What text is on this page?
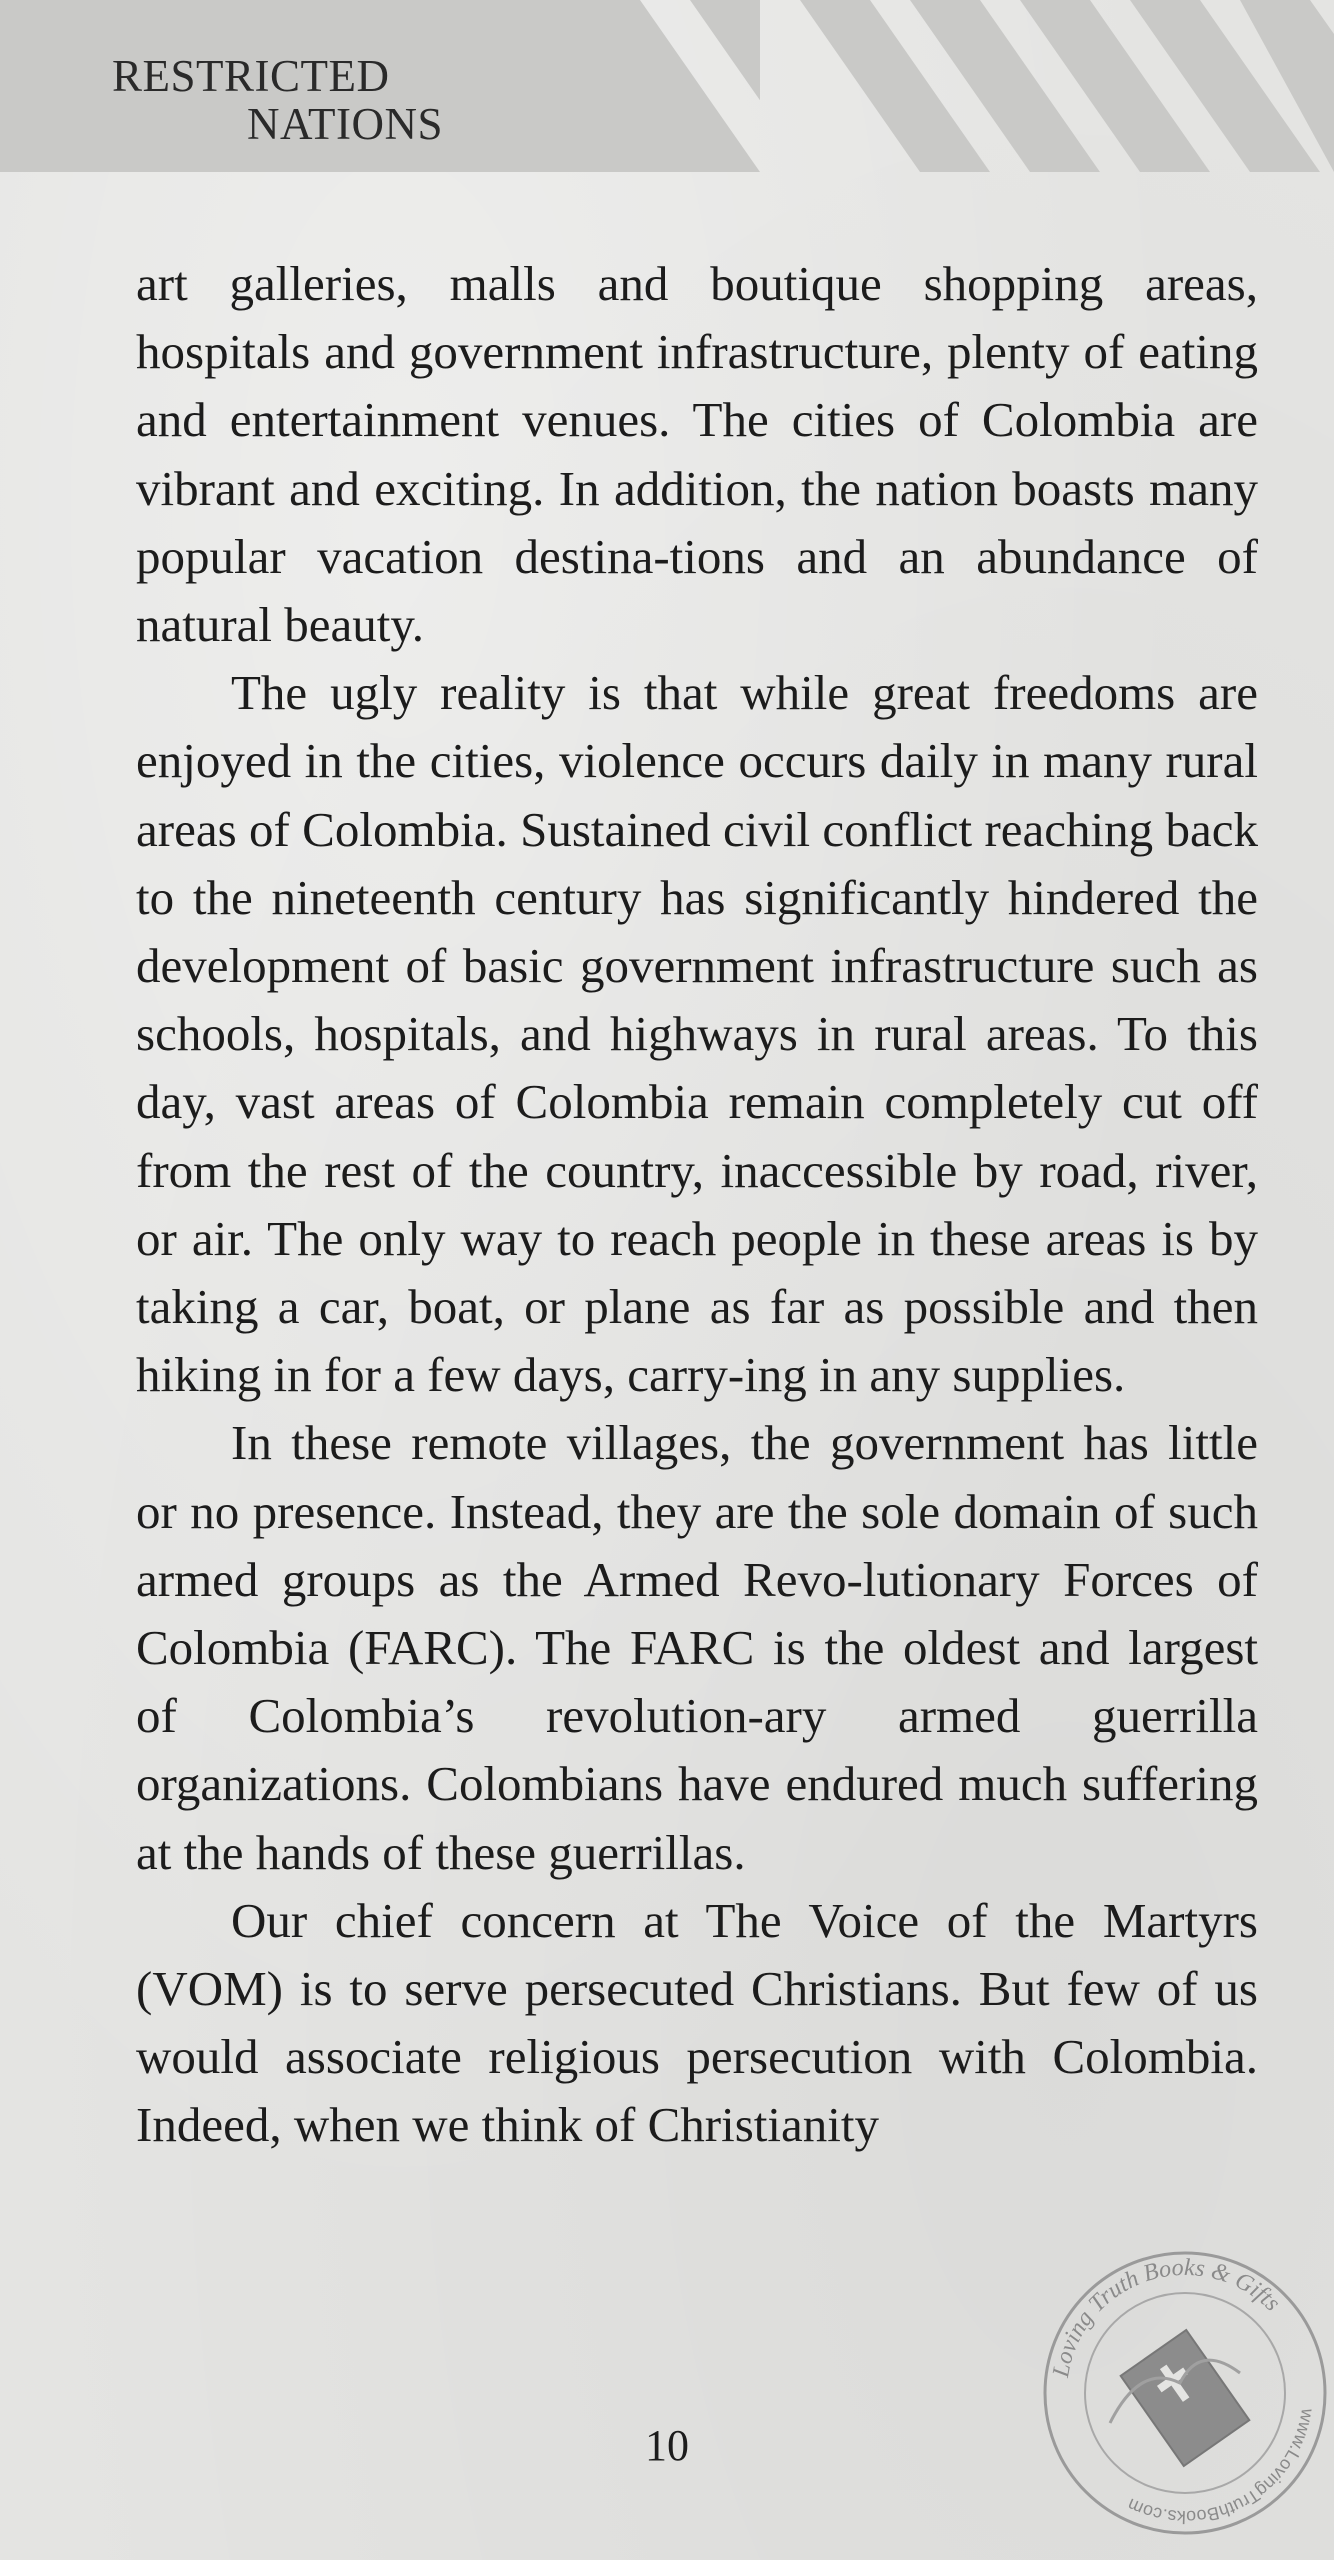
RESTRICTED
NATIONS

art galleries, malls and boutique shopping areas, hospitals and government infrastructure, plenty of eating and entertainment venues. The cities of Colombia are vibrant and exciting. In addition, the nation boasts many popular vacation destina-tions and an abundance of natural beauty.

The ugly reality is that while great freedoms are enjoyed in the cities, violence occurs daily in many rural areas of Colombia. Sustained civil conflict reaching back to the nineteenth century has significantly hindered the development of basic government infrastructure such as schools, hospitals, and highways in rural areas. To this day, vast areas of Colombia remain completely cut off from the rest of the country, inaccessible by road, river, or air. The only way to reach people in these areas is by taking a car, boat, or plane as far as possible and then hiking in for a few days, carry-ing in any supplies.

In these remote villages, the government has little or no presence. Instead, they are the sole domain of such armed groups as the Armed Revo-lutionary Forces of Colombia (FARC). The FARC is the oldest and largest of Colombia’s revolution-ary armed guerrilla organizations. Colombians have endured much suffering at the hands of these guerrillas.

Our chief concern at The Voice of the Martyrs (VOM) is to serve persecuted Christians. But few of us would associate religious persecution with Colombia. Indeed, when we think of Christianity

10
Loving Truth Books & Gifts
www.LovingTruthBooks.com
